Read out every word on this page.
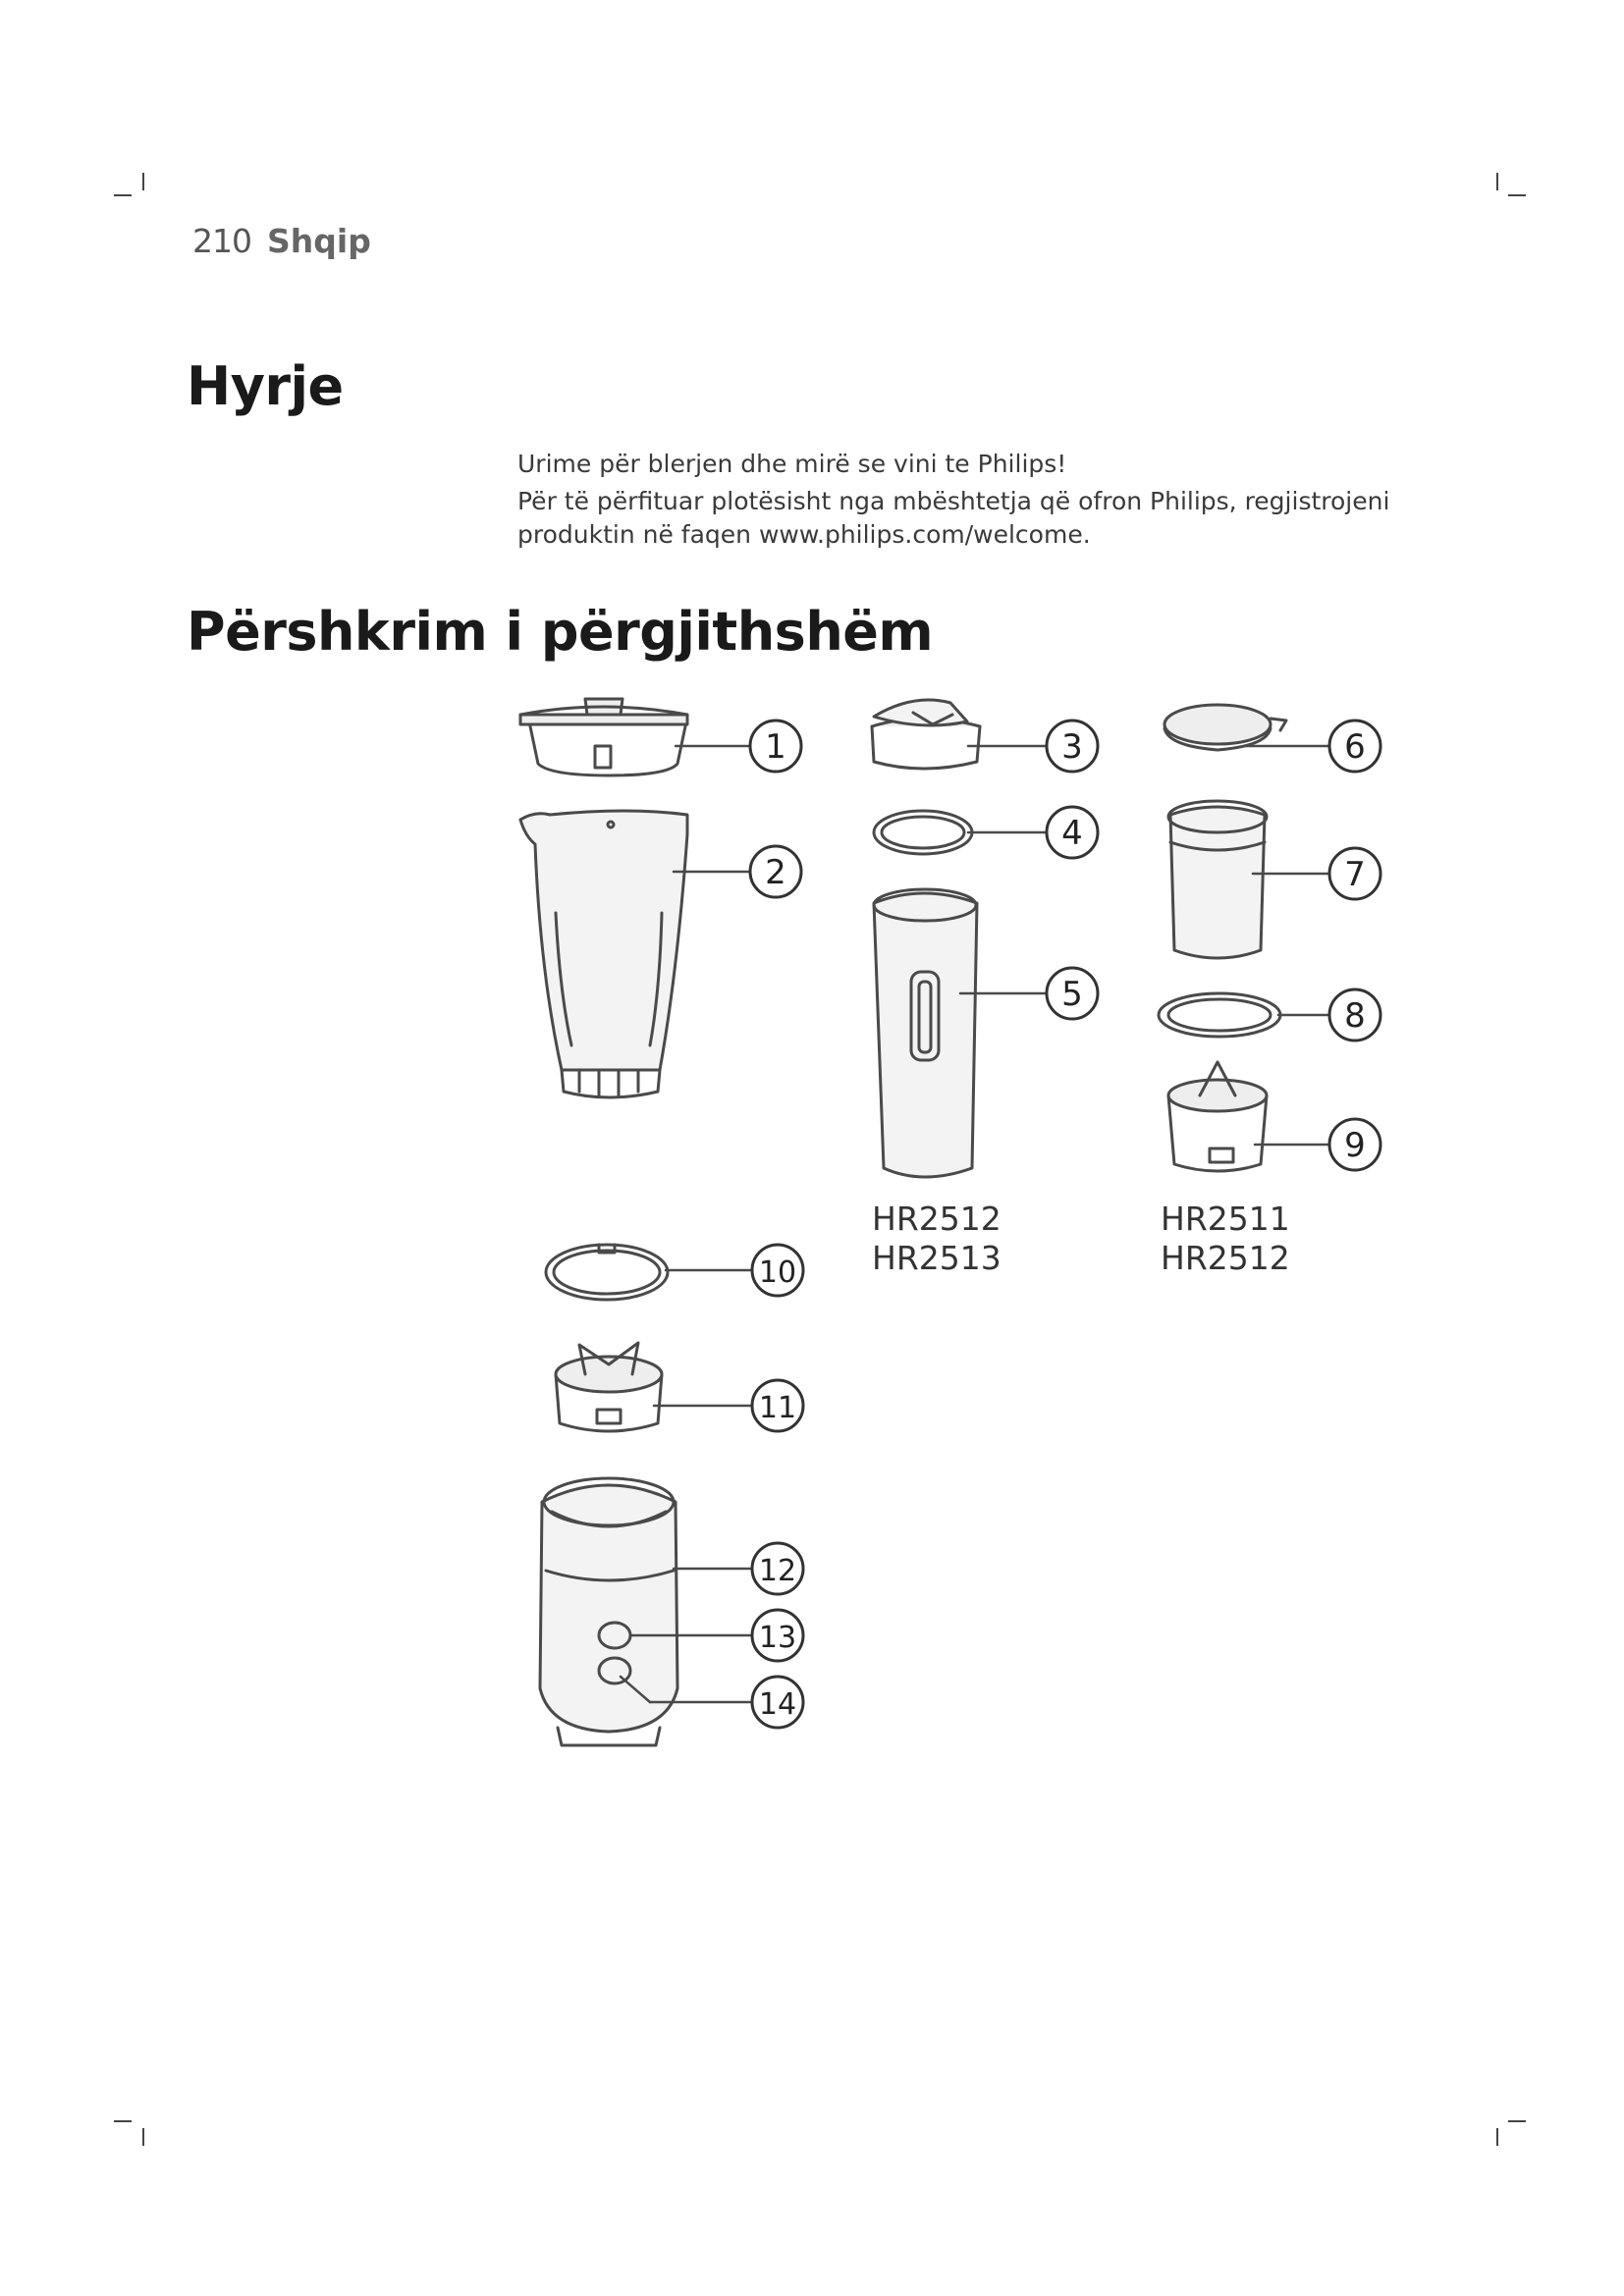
210 Shqip
Hyrje

Urime për blerjen dhe mirë se vini te Philips!

Për të përfituar plotësisht nga mbështetja që ofron Philips, regjistrojeni produktin në faqen www.philips.com/welcome.

Përshkrim i përgjithshëm
1
2
3
4
5
6
7
8
9
10
11
12
13
14
HR2512
HR2513
HR2511
HR2512
